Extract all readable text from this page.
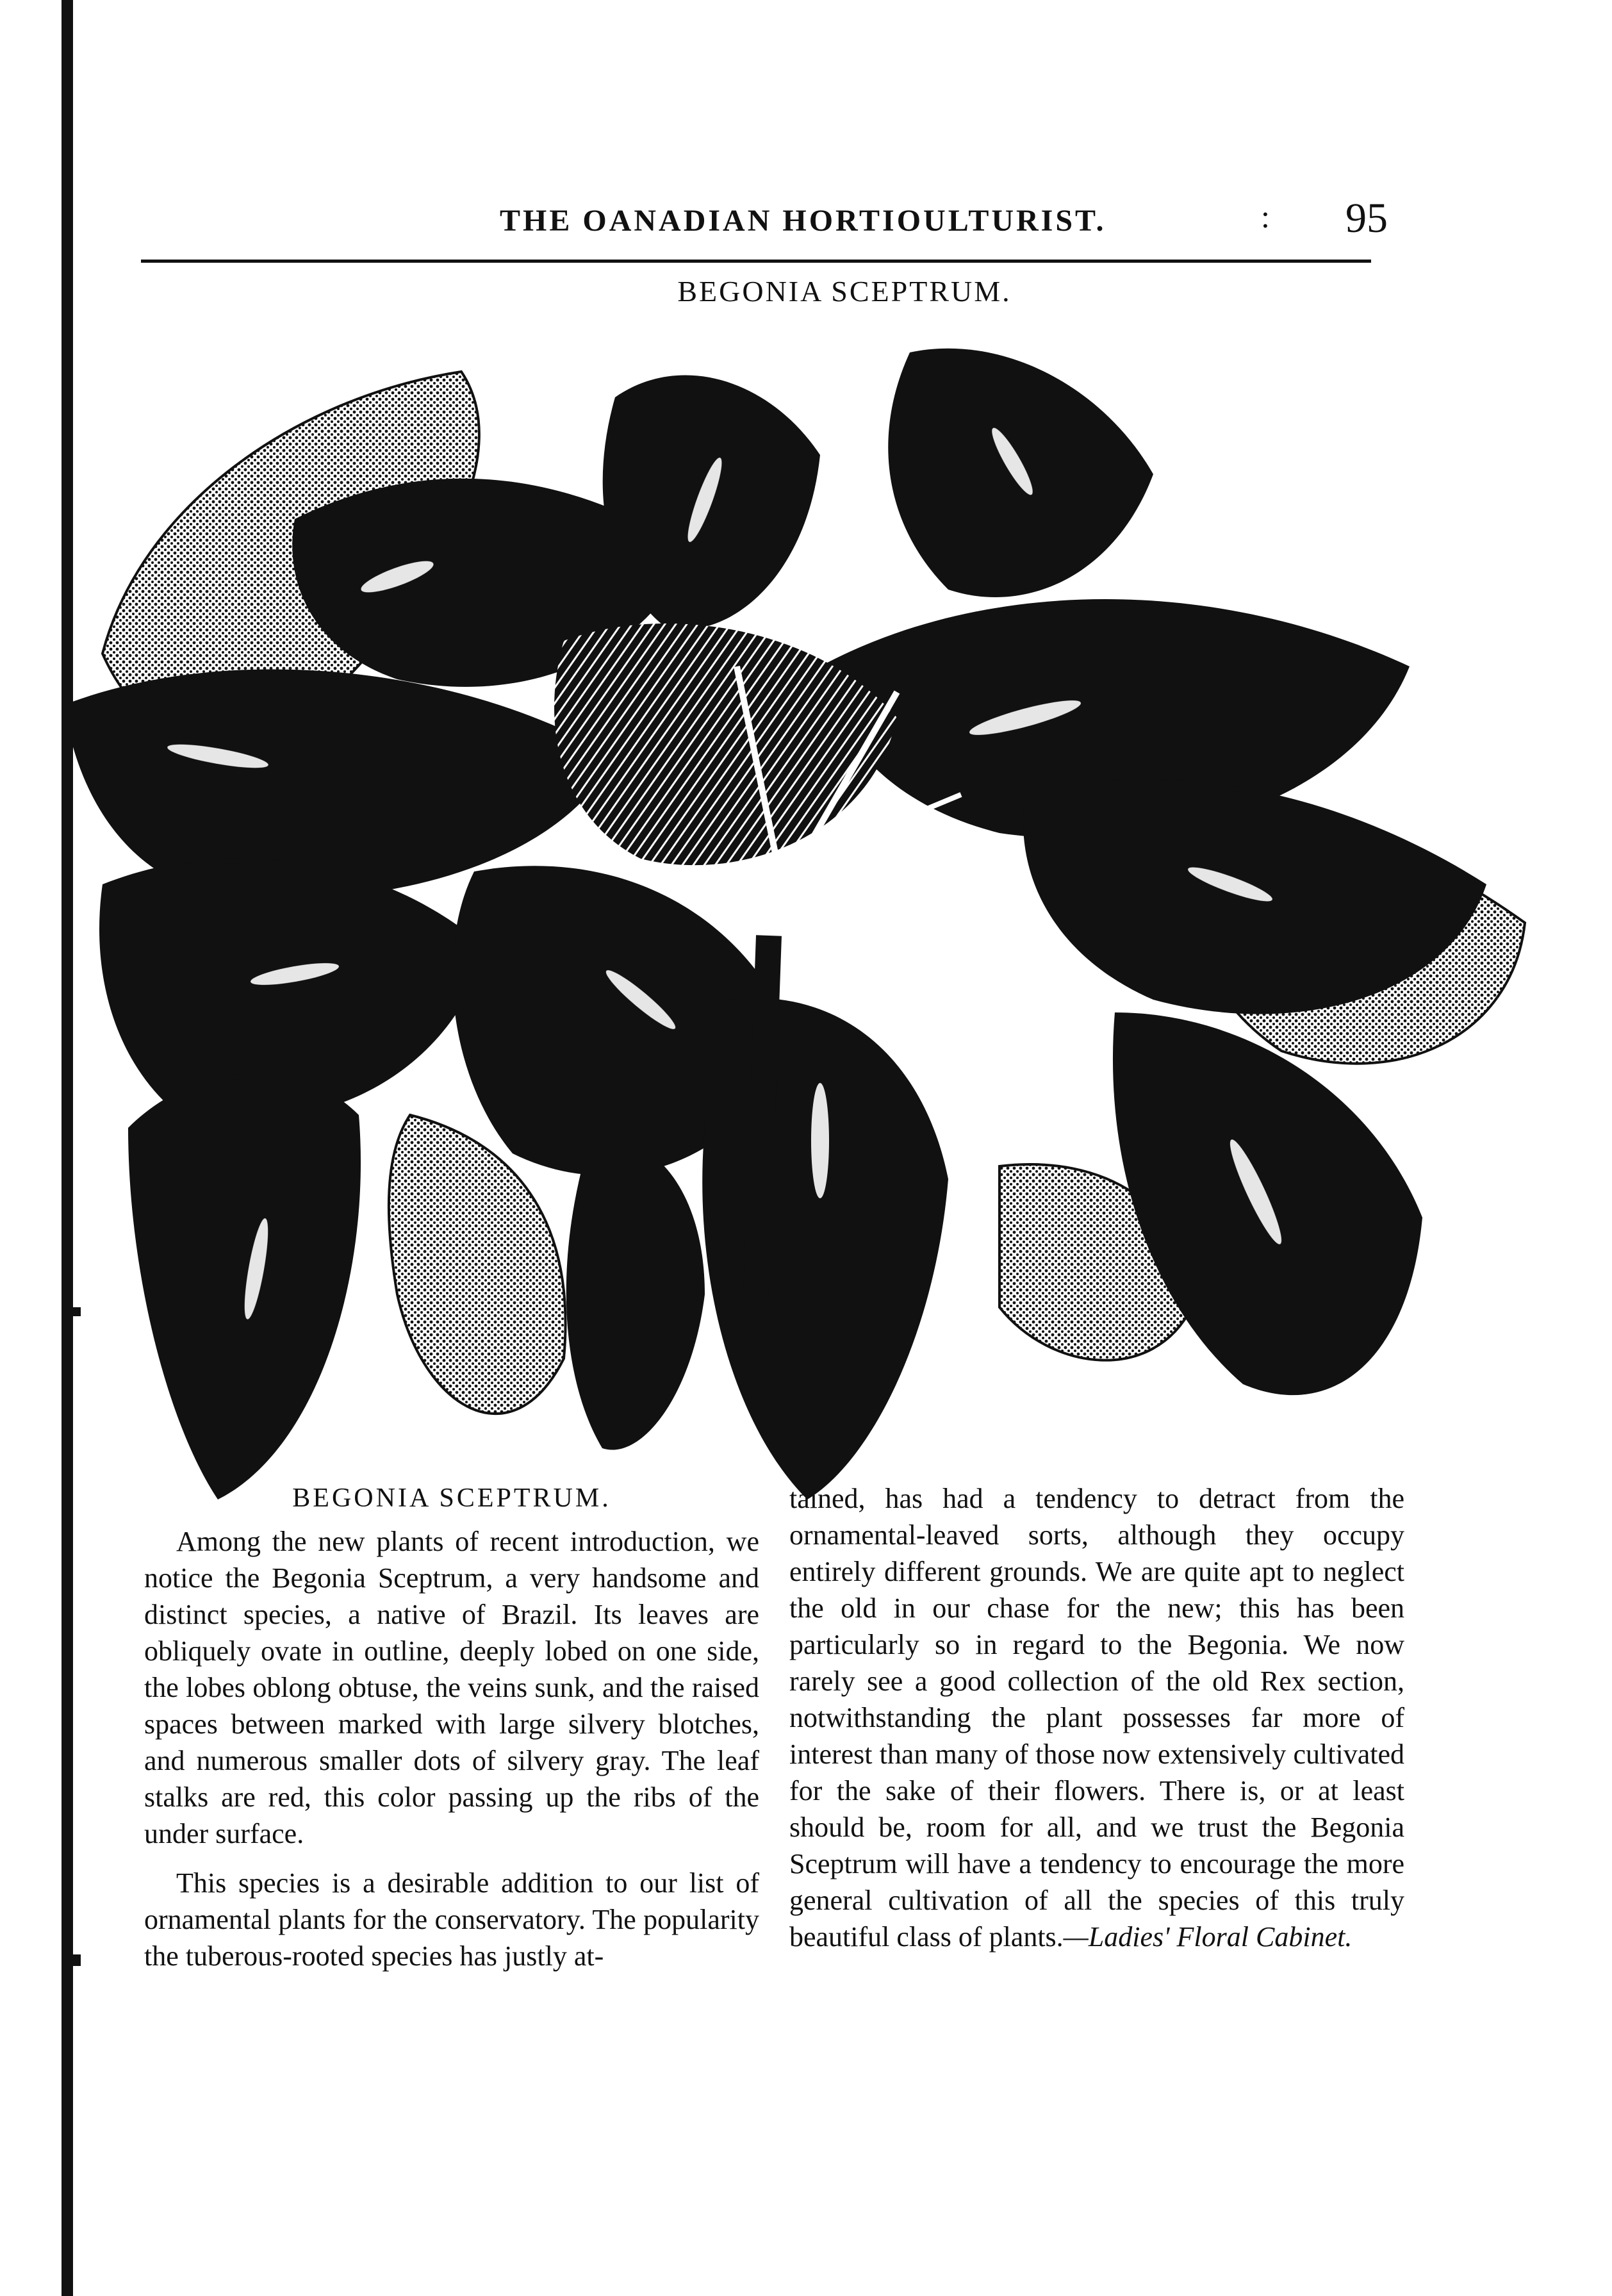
THE OANADIAN HORTIOULTURIST.	: 95
BEGONIA SCEPTRUM.
BEGONIA SCEPTRUM.

Among the new plants of recent introduction, we notice the Begonia Sceptrum, a very handsome and distinct species, a native of Brazil. Its leaves are obliquely ovate in outline, deeply lobed on one side, the lobes oblong obtuse, the veins sunk, and the raised spaces between marked with large silvery blotches, and numerous smaller dots of silvery gray. The leaf stalks are red, this color passing up the ribs of the under surface.

This species is a desirable addition to our list of ornamental plants for the conservatory. The popularity the tuberous-rooted species has justly at-

tained, has had a tendency to detract from the ornamental-leaved sorts, although they occupy entirely different grounds. We are quite apt to neglect the old in our chase for the new; this has been particularly so in regard to the Begonia. We now rarely see a good collection of the old Rex section, notwithstanding the plant possesses far more of interest than many of those now extensively cultivated for the sake of their flowers. There is, or at least should be, room for all, and we trust the Begonia Sceptrum will have a tendency to encourage the more general cultivation of all the species of this truly beautiful class of plants.—Ladies' Floral Cabinet.
